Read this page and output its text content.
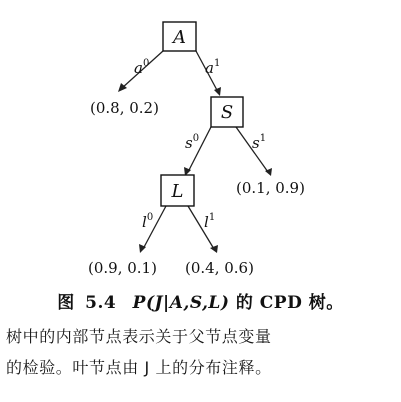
A
S
L
$a^0$	$a^1$
$s^0$	$s^1$
$l^0$	$l^1$
(0.8, 0.2)
(0.1, 0.9)
(0.9, 0.1) (0.4, 0.6)
图 5.4 P(J|A,S,L) 的 CPD 树。
树中的内部节点表示关于父节点变量
的检验。叶节点由 J 上的分布注释。
